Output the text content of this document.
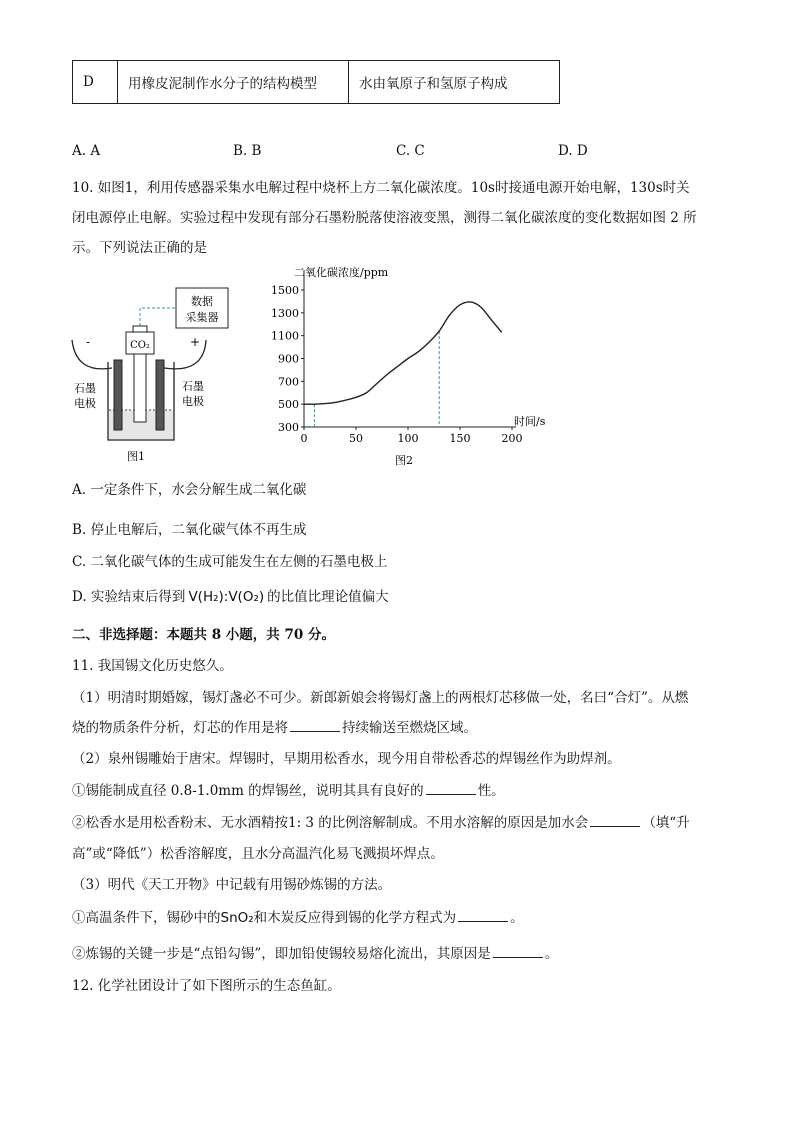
D	用橡皮泥制作水分子的结构模型	水由氧原子和氢原子构成
A. A	B. B	C. C	D. D
10. 如图1，利用传感器采集水电解过程中烧杯上方二氧化碳浓度。10s时接通电源开始电解，130s时关
闭电源停止电解。实验过程中发现有部分石墨粉脱落使溶液变黑，测得二氧化碳浓度的变化数据如图 2 所
示。下列说法正确的是
数据
采集器
CO₂
-	+
石墨
电极
石墨
电极
图1
300
500
700
900
1100
1300
1500
0	50	100	150	200
二氧化碳浓度/ppm
时间/s
图2
A. 一定条件下，水会分解生成二氧化碳
B. 停止电解后，二氧化碳气体不再生成
C. 二氧化碳气体的生成可能发生在左侧的石墨电极上
D. 实验结束后得到 V(H₂):V(O₂) 的比值比理论值偏大
二、非选择题：本题共 8 小题，共 70 分。
11. 我国锡文化历史悠久。
（1）明清时期婚嫁，锡灯盏必不可少。新郎新娘会将锡灯盏上的两根灯芯移做一处，名曰“合灯”。从燃
烧的物质条件分析，灯芯的作用是将	持续输送至燃烧区域。
（2）泉州锡雕始于唐宋。焊锡时，早期用松香水，现今用自带松香芯的焊锡丝作为助焊剂。
①锡能制成直径 0.8-1.0mm 的焊锡丝，说明其具有良好的	性。
②松香水是用松香粉末、无水酒精按1: 3 的比例溶解制成。不用水溶解的原因是加水会	（填“升
高”或“降低”）松香溶解度，且水分高温汽化易飞溅损坏焊点。
（3）明代《天工开物》中记载有用锡砂炼锡的方法。
①高温条件下，锡砂中的SnO₂和木炭反应得到锡的化学方程式为	。
②炼锡的关键一步是“点铅勾锡”，即加铅使锡较易熔化流出，其原因是	。
12. 化学社团设计了如下图所示的生态鱼缸。
